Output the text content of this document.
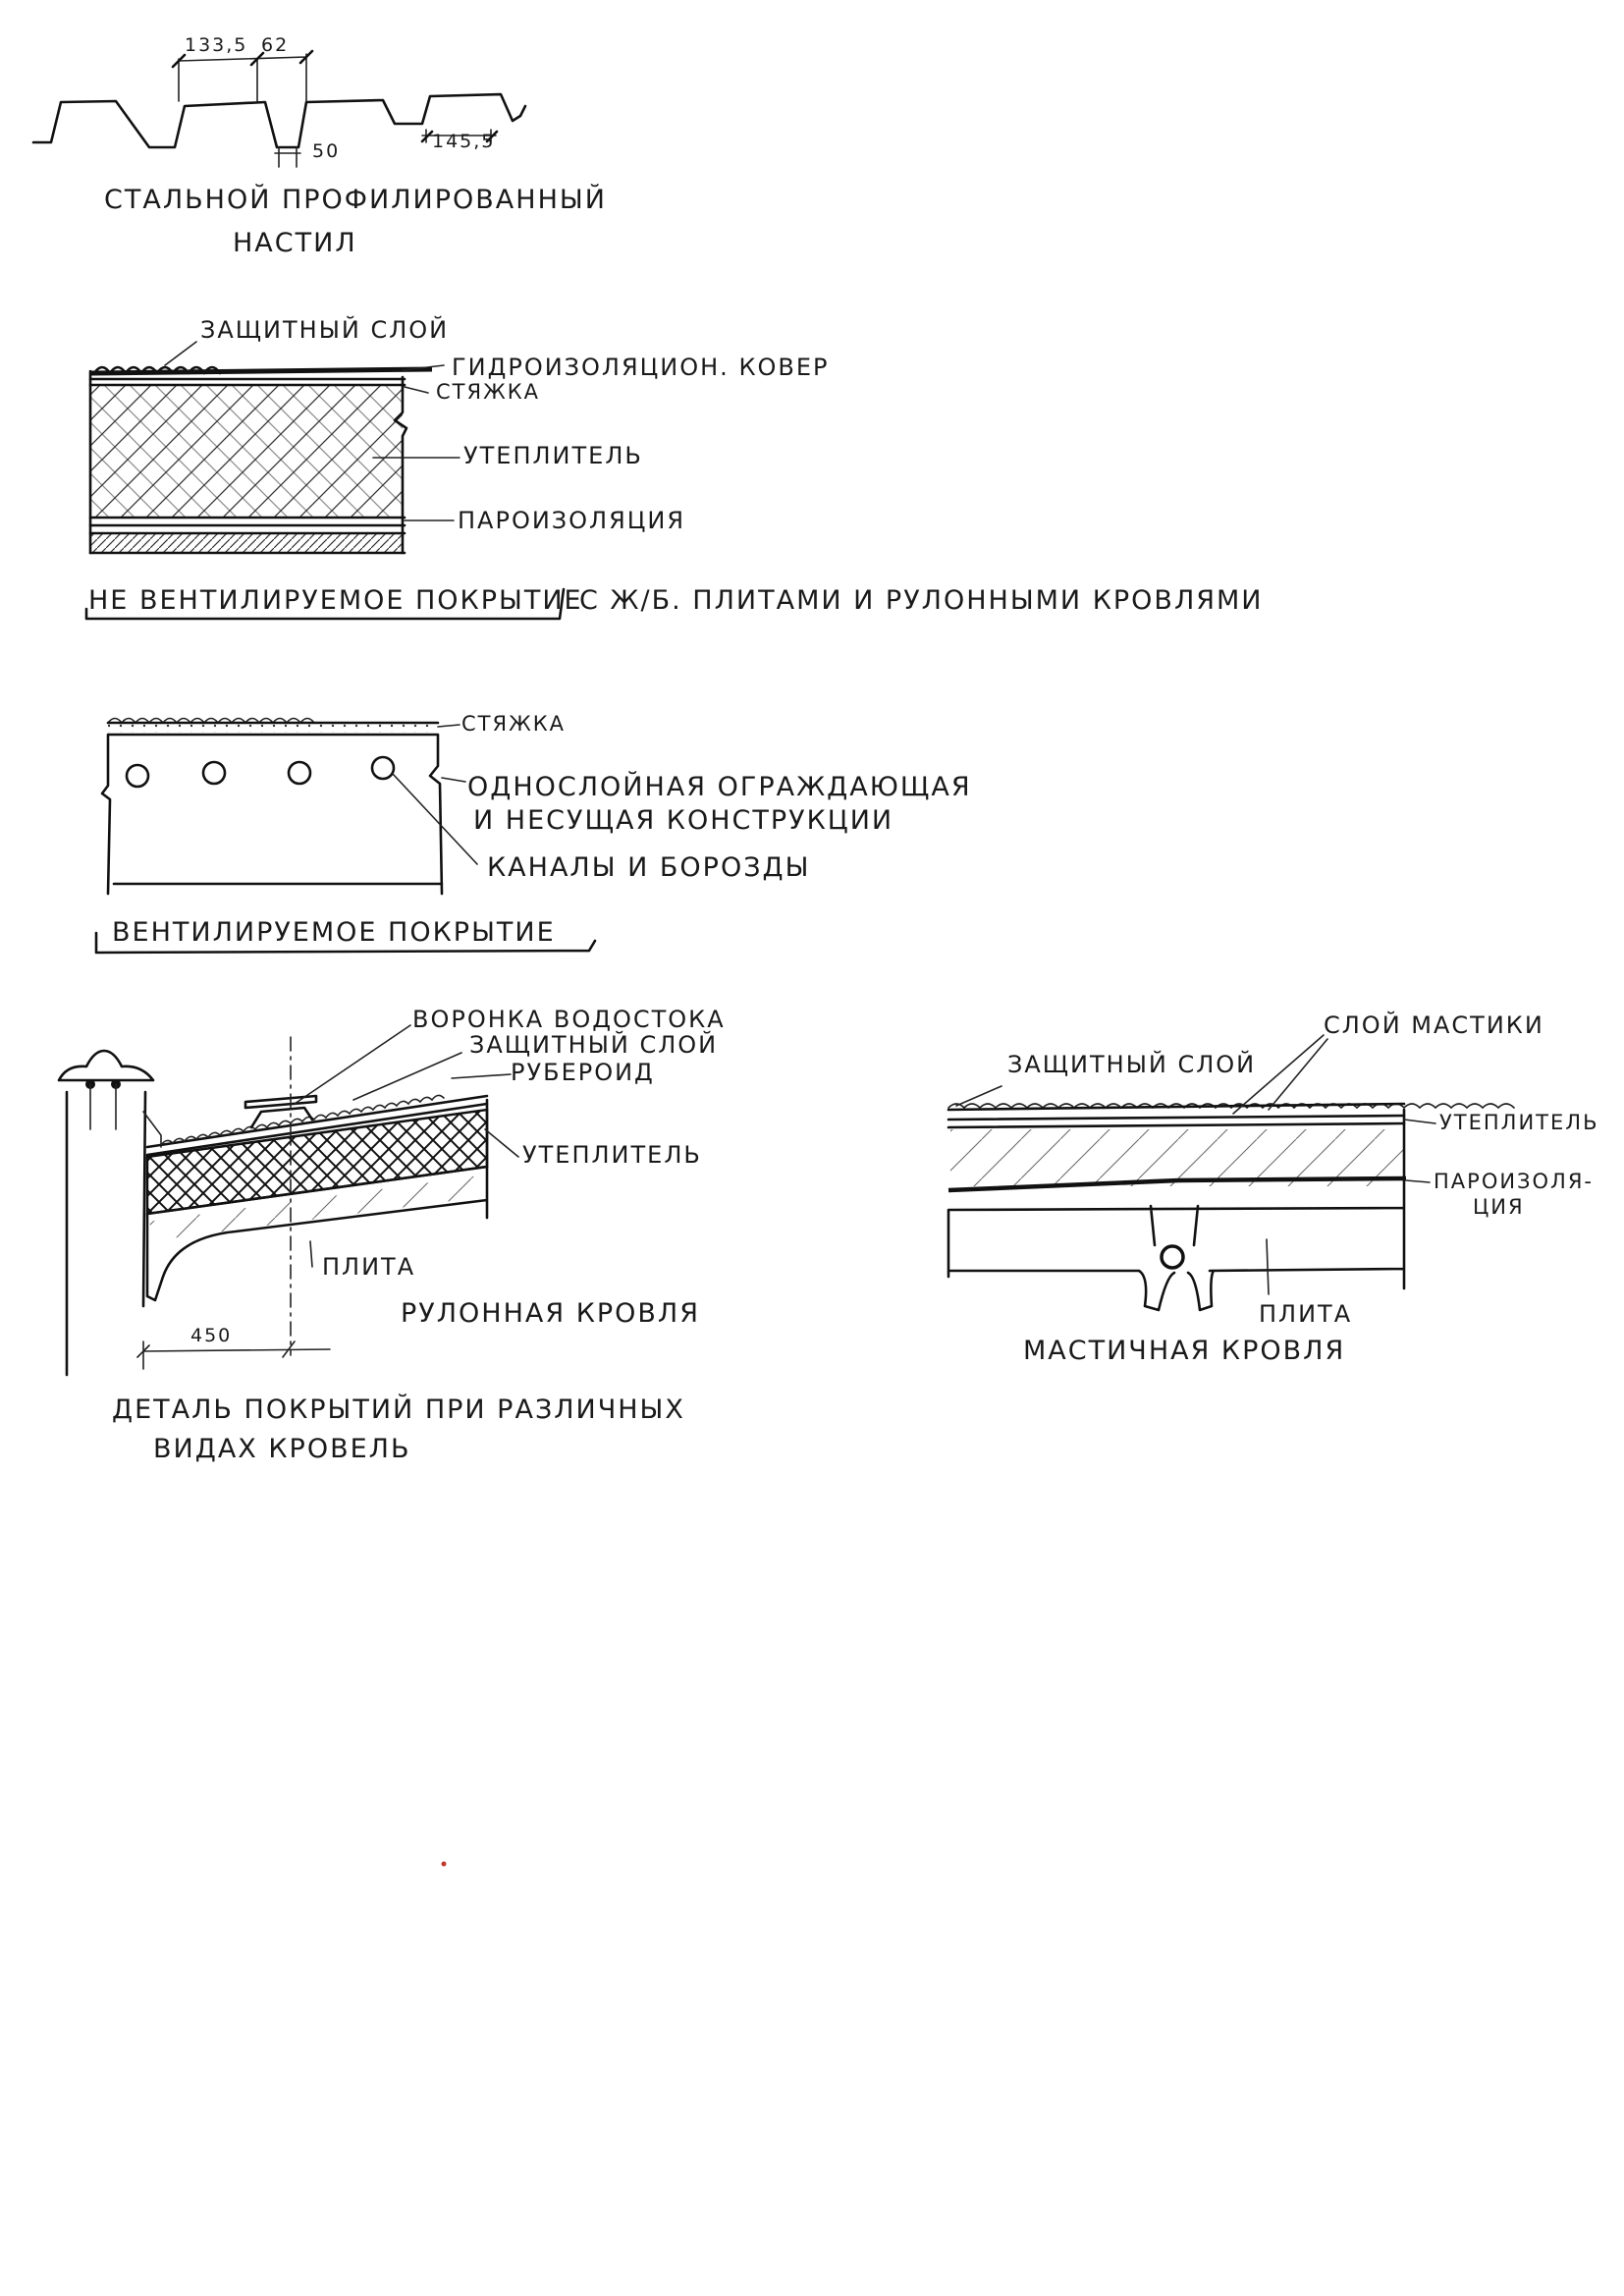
133,5 62
50	145,5
СТАЛЬНОЙ ПРОФИЛИРОВАННЫЙ
НАСТИЛ
ЗАЩИТНЫЙ СЛОЙ
ГИДРОИЗОЛЯЦИОН. КОВЕР
СТЯЖКА
УТЕПЛИТЕЛЬ
ПАРОИЗОЛЯЦИЯ
НЕ ВЕНТИЛИРУЕМОЕ ПОКРЫТИЕ
С Ж/Б. ПЛИТАМИ И РУЛОННЫМИ КРОВЛЯМИ
СТЯЖКА
ОДНОСЛОЙНАЯ ОГРАЖДАЮЩАЯ
И НЕСУЩАЯ КОНСТРУКЦИИ
КАНАЛЫ И БОРОЗДЫ
ВЕНТИЛИРУЕМОЕ ПОКРЫТИЕ
450
ВОРОНКА ВОДОСТОКА
ЗАЩИТНЫЙ СЛОЙ
РУБЕРОИД
УТЕПЛИТЕЛЬ
ПЛИТА
РУЛОННАЯ КРОВЛЯ
ДЕТАЛЬ ПОКРЫТИЙ ПРИ РАЗЛИЧНЫХ
ВИДАХ КРОВЕЛЬ
ЗАЩИТНЫЙ СЛОЙ
СЛОЙ МАСТИКИ
УТЕПЛИТЕЛЬ
ПАРОИЗОЛЯ-
ЦИЯ
ПЛИТА
МАСТИЧНАЯ КРОВЛЯ
